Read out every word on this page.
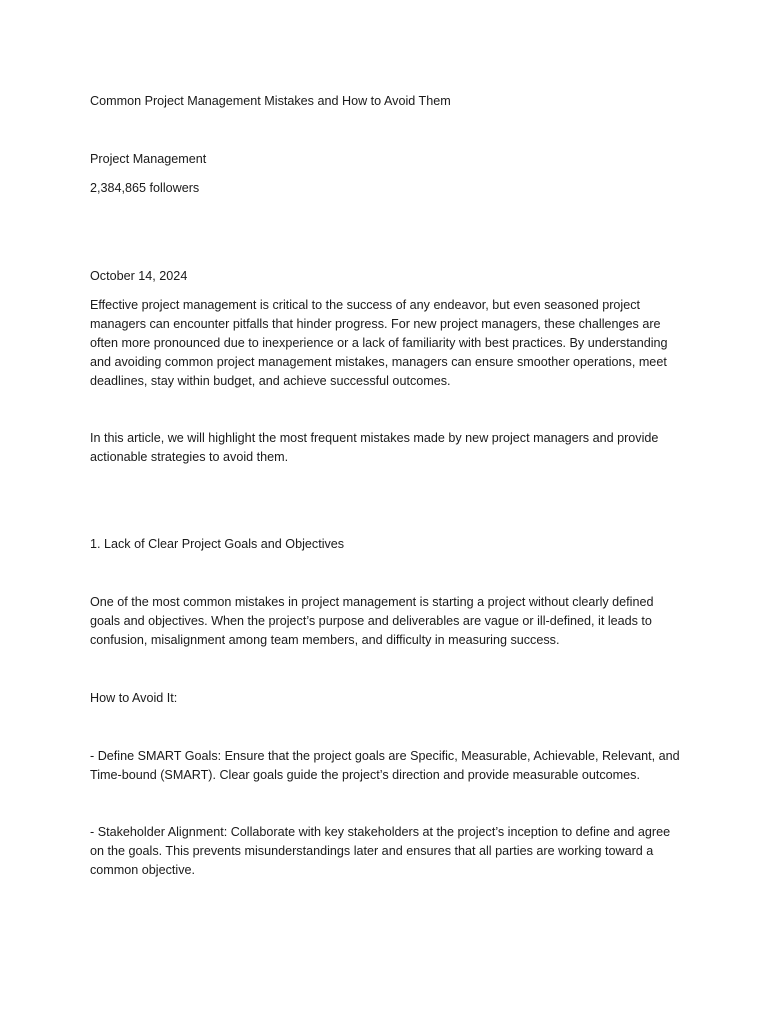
Common Project Management Mistakes and How to Avoid Them

Project Management

2,384,865 followers

October 14, 2024

Effective project management is critical to the success of any endeavor, but even seasoned project managers can encounter pitfalls that hinder progress. For new project managers, these challenges are often more pronounced due to inexperience or a lack of familiarity with best practices. By understanding and avoiding common project management mistakes, managers can ensure smoother operations, meet deadlines, stay within budget, and achieve successful outcomes.

In this article, we will highlight the most frequent mistakes made by new project managers and provide actionable strategies to avoid them.

1. Lack of Clear Project Goals and Objectives

One of the most common mistakes in project management is starting a project without clearly defined goals and objectives. When the project’s purpose and deliverables are vague or ill-defined, it leads to confusion, misalignment among team members, and difficulty in measuring success.

How to Avoid It:

- Define SMART Goals: Ensure that the project goals are Specific, Measurable, Achievable, Relevant, and Time-bound (SMART). Clear goals guide the project’s direction and provide measurable outcomes.

- Stakeholder Alignment: Collaborate with key stakeholders at the project’s inception to define and agree on the goals. This prevents misunderstandings later and ensures that all parties are working toward a common objective.
